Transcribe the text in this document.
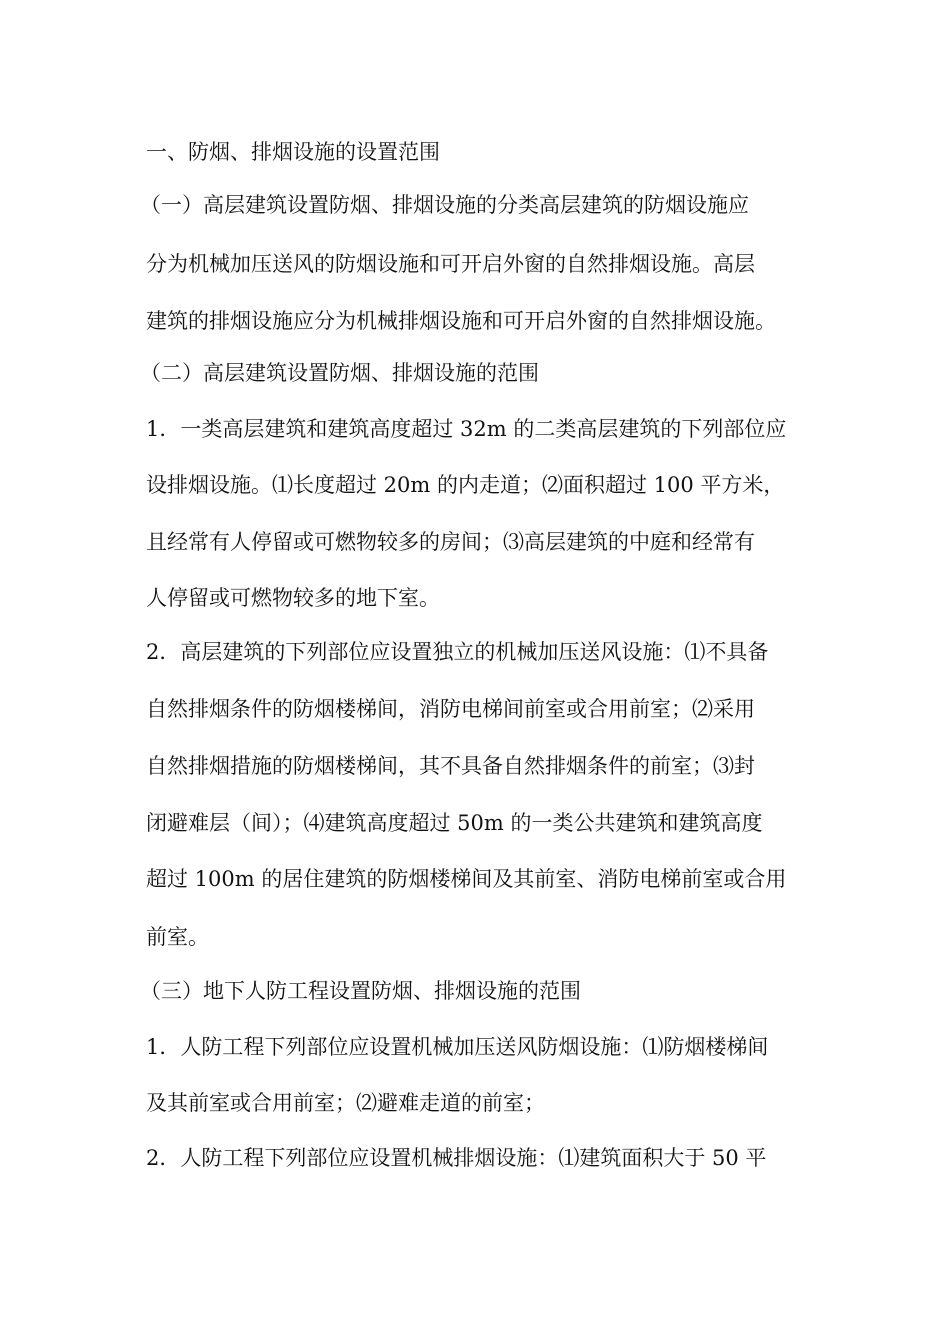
一、防烟、排烟设施的设置范围
（一）高层建筑设置防烟、排烟设施的分类高层建筑的防烟设施应
分为机械加压送风的防烟设施和可开启外窗的自然排烟设施。高层
建筑的排烟设施应分为机械排烟设施和可开启外窗的自然排烟设施。
（二）高层建筑设置防烟、排烟设施的范围
1．一类高层建筑和建筑高度超过 32m 的二类高层建筑的下列部位应
设排烟设施。⑴长度超过 20m 的内走道；⑵面积超过 100 平方米，
且经常有人停留或可燃物较多的房间；⑶高层建筑的中庭和经常有
人停留或可燃物较多的地下室。
2．高层建筑的下列部位应设置独立的机械加压送风设施：⑴不具备
自然排烟条件的防烟楼梯间，消防电梯间前室或合用前室；⑵采用
自然排烟措施的防烟楼梯间，其不具备自然排烟条件的前室；⑶封
闭避难层（间）；⑷建筑高度超过 50m 的一类公共建筑和建筑高度
超过 100m 的居住建筑的防烟楼梯间及其前室、消防电梯前室或合用
前室。
（三）地下人防工程设置防烟、排烟设施的范围
1．人防工程下列部位应设置机械加压送风防烟设施：⑴防烟楼梯间
及其前室或合用前室；⑵避难走道的前室；
2．人防工程下列部位应设置机械排烟设施：⑴建筑面积大于 50 平
